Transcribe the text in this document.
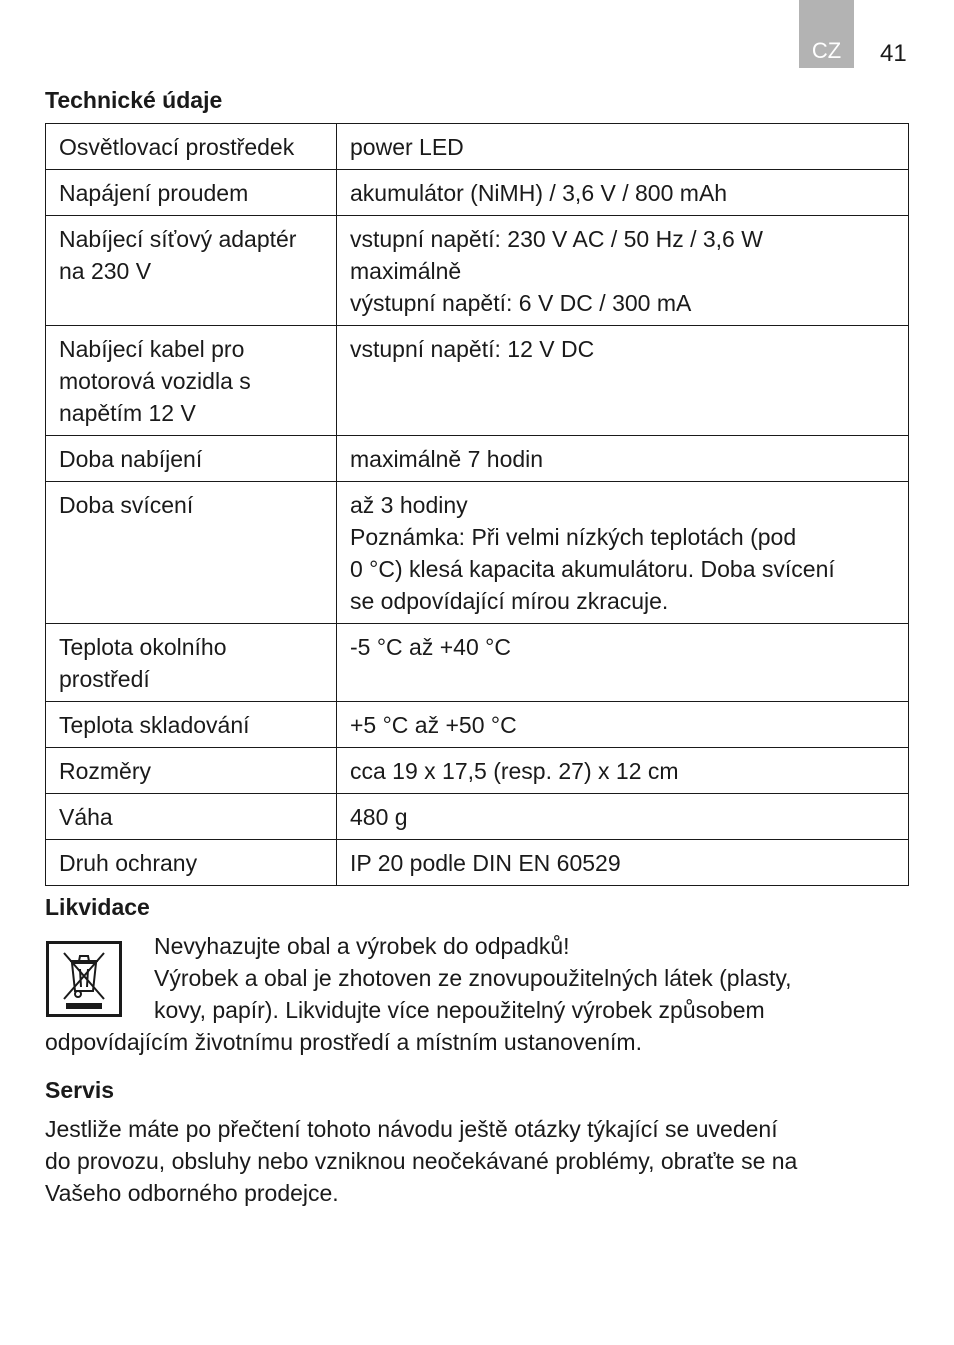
CZ	41
Technické údaje
Osvětlovací prostředek	power LED

Napájení proudem	akumulátor (NiMH) / 3,6 V / 800 mAh

Nabíjecí síťový adaptér
na 230 V	vstupní napětí: 230 V AC / 50 Hz / 3,6 W
maximálně
výstupní napětí: 6 V DC / 300 mA

Nabíjecí kabel pro
motorová vozidla s
napětím 12 V	vstupní napětí: 12 V DC

Doba nabíjení	maximálně 7 hodin

Doba svícení	až 3 hodiny
Poznámka: Při velmi nízkých teplotách (pod
0 °C) klesá kapacita akumulátoru. Doba svícení
se odpovídající mírou zkracuje.

Teplota okolního
prostředí	-5 °C až +40 °C

Teplota skladování	+5 °C až +50 °C

Rozměry	cca 19 x 17,5 (resp. 27) x 12 cm

Váha	480 g

Druh ochrany	IP 20 podle DIN EN 60529
Likvidace
Nevyhazujte obal a výrobek do odpadků!
Výrobek a obal je zhotoven ze znovupoužitelných látek (plasty,
kovy, papír). Likvidujte více nepoužitelný výrobek způsobem
odpovídajícím životnímu prostředí a místním ustanovením.
Servis
Jestliže máte po přečtení tohoto návodu ještě otázky týkající se uvedení
do provozu, obsluhy nebo vzniknou neočekávané problémy, obraťte se na
Vašeho odborného prodejce.
